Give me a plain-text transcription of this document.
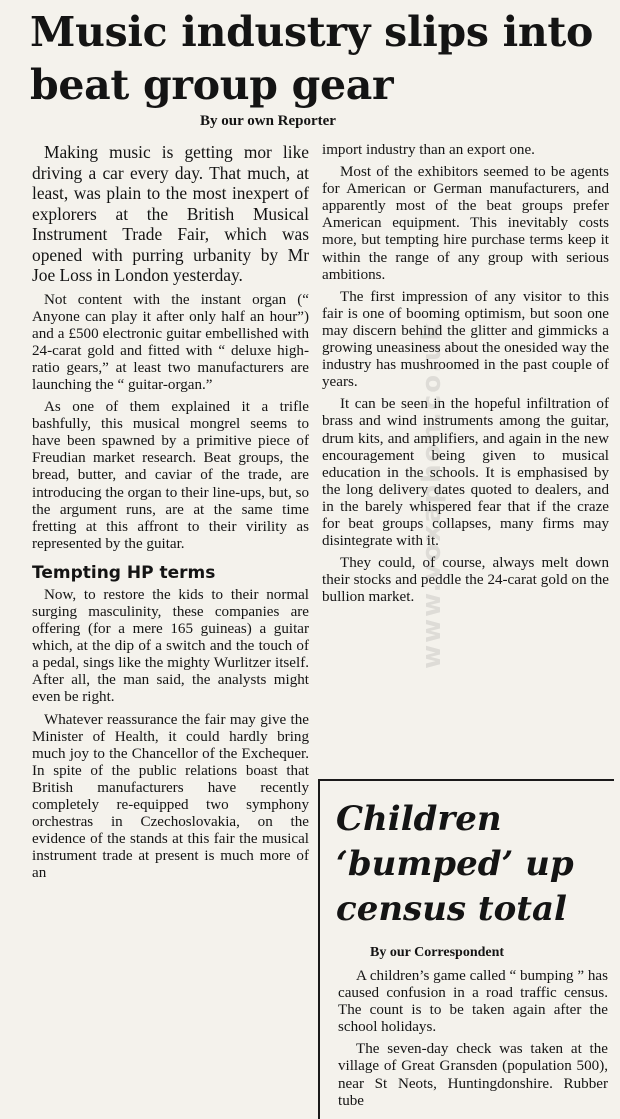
Music industry slips into beat group gear

By our own Reporter

Making music is getting mor like driving a car every day. That much, at least, was plain to the most inexpert of explorers at the British Musical Instrument Trade Fair, which was opened with purring urbanity by Mr Joe Loss in London yesterday.

Not content with the instant organ (“ Anyone can play it after only half an hour”) and a £500 electronic guitar embellished with 24-carat gold and fitted with “ deluxe high-ratio gears,” at least two manufacturers are launching the “ guitar-organ.”

As one of them explained it a trifle bashfully, this musical mongrel seems to have been spawned by a primitive piece of Freudian market research. Beat groups, the bread, butter, and caviar of the trade, are introducing the organ to their line-ups, but, so the argument runs, are at the same time fretting at this affront to their virility as represented by the guitar.

Tempting HP terms

Now, to restore the kids to their normal surging masculinity, these companies are offering (for a mere 165 guineas) a guitar which, at the dip of a switch and the touch of a pedal, sings like the mighty Wurlitzer itself. After all, the man said, the analysts might even be right.

Whatever reassurance the fair may give the Minister of Health, it could hardly bring much joy to the Chancellor of the Exchequer. In spite of the public relations boast that British manufacturers have recently completely re-equipped two symphony orchestras in Czechoslovakia, on the evidence of the stands at this fair the musical instrument trade at present is much more of an

import industry than an export one.

Most of the exhibitors seemed to be agents for American or German manufacturers, and apparently most of the beat groups prefer American equipment. This inevitably costs more, but tempting hire purchase terms keep it within the range of any group with serious ambitions.

The first impression of any visitor to this fair is one of booming optimism, but soon one may discern behind the glitter and gimmicks a growing uneasiness about the onesided way the industry has mushroomed in the past couple of years.

It can be seen in the hopeful infiltration of brass and wind instruments among the guitar, drum kits, and amplifiers, and again in the new encouragement being given to musical education in the schools. It is emphasised by the long delivery dates quoted to dealers, and in the barely whispered fear that if the craze for beat groups collapses, many firms may disintegrate with it.

They could, of course, always melt down their stocks and peddle the 24-carat gold on the bullion market.

Children ‘bumped’ up census total

By our Correspondent

A children’s game called “ bumping ” has caused confusion in a road traffic census. The count is to be taken again after the school holidays.

The seven-day check was taken at the village of Great Gransden (population 500), near St Neots, Huntingdonshire. Rubber tube

www.voxaphon.co.uk
